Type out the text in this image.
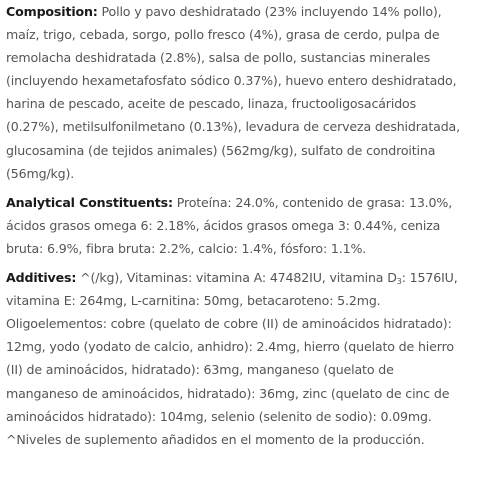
Composition: Pollo y pavo deshidratado (23% incluyendo 14% pollo),
maíz, trigo, cebada, sorgo, pollo fresco (4%), grasa de cerdo, pulpa de
remolacha deshidratada (2.8%), salsa de pollo, sustancias minerales
(incluyendo hexametafosfato sódico 0.37%), huevo entero deshidratado,
harina de pescado, aceite de pescado, linaza, fructooligosacáridos
(0.27%), metilsulfonilmetano (0.13%), levadura de cerveza deshidratada,
glucosamina (de tejidos animales) (562mg/kg), sulfato de condroitina
(56mg/kg).
Analytical Constituents: Proteína: 24.0%, contenido de grasa: 13.0%,
ácidos grasos omega 6: 2.18%, ácidos grasos omega 3: 0.44%, ceniza
bruta: 6.9%, fibra bruta: 2.2%, calcio: 1.4%, fósforo: 1.1%.
Additives: ^(/kg), Vitaminas: vitamina A: 47482IU, vitamina $D_3$: 1576IU,
vitamina E: 264mg, L-carnitina: 50mg, betacaroteno: 5.2mg.
Oligoelementos: cobre (quelato de cobre (II) de aminoácidos hidratado):
12mg, yodo (yodato de calcio, anhidro): 2.4mg, hierro (quelato de hierro
(II) de aminoácidos, hidratado): 63mg, manganeso (quelato de
manganeso de aminoácidos, hidratado): 36mg, zinc (quelato de cinc de
aminoácidos hidratado): 104mg, selenio (selenito de sodio): 0.09mg.
^Niveles de suplemento añadidos en el momento de la producción.
